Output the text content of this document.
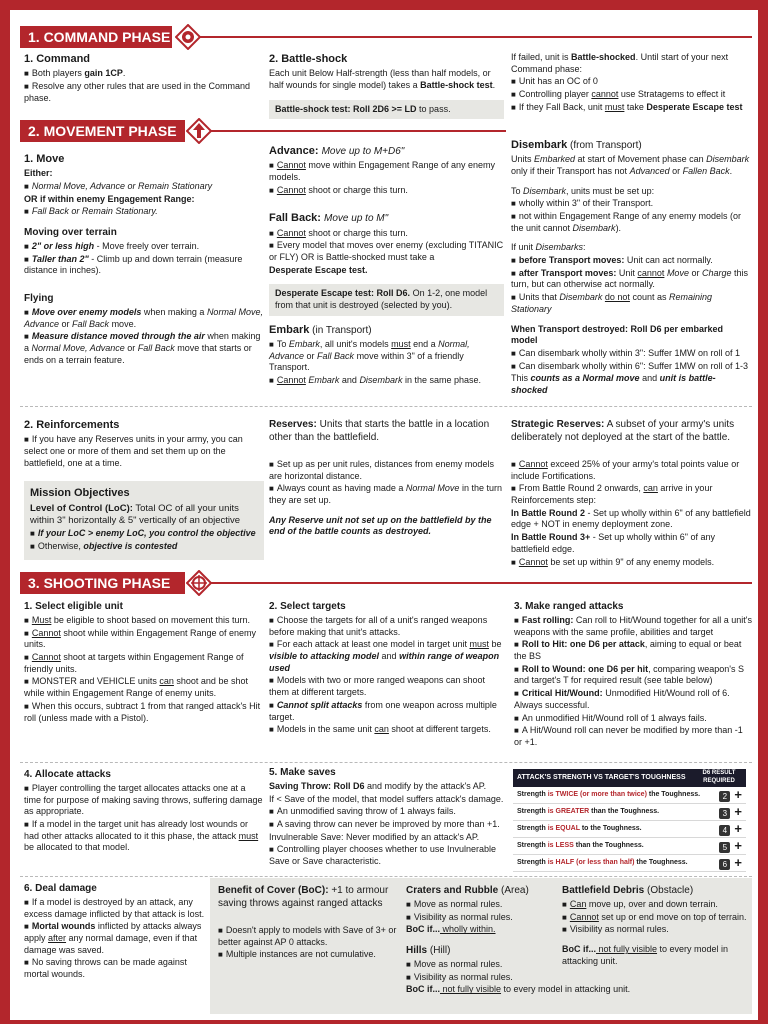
1. COMMAND PHASE
1. Command

■ Both players gain 1CP.

■ Resolve any other rules that are used in the Command phase.

2. Battle-shock

Each unit Below Half-strength (less than half models, or half wounds for single model) takes a Battle-shock test.

Battle-shock test: Roll 2D6 >= LD to pass.

If failed, unit is Battle-shocked. Until start of your next Command phase:

■ Unit has an OC of 0

■ Controlling player cannot use Stratagems to effect it

■ If they Fall Back, unit must take Desperate Escape test

2. MOVEMENT PHASE
1. Move

Either:

■ Normal Move, Advance or Remain Stationary

OR if within enemy Engagement Range:

■ Fall Back or Remain Stationary.

Moving over terrain

■ 2" or less high - Move freely over terrain.

■ Taller than 2" - Climb up and down terrain (measure distance in inches).

Flying

■ Move over enemy models when making a Normal Move, Advance or Fall Back move.

■ Measure distance moved through the air when making a Normal Move, Advance or Fall Back move that starts or ends on a terrain feature.

Advance: Move up to M+D6"

■ Cannot move within Engagement Range of any enemy models.

■ Cannot shoot or charge this turn.

Fall Back: Move up to M"

■ Cannot shoot or charge this turn.

■ Every model that moves over enemy (excluding TITANIC or FLY) OR is Battle-shocked must take a

Desperate Escape test.

Desperate Escape test: Roll D6. On 1-2, one model from that unit is destroyed (selected by you).
Embark (in Transport)

■ To Embark, all unit's models must end a Normal, Advance or Fall Back move within 3" of a friendly Transport.

■ Cannot Embark and Disembark in the same phase.

Disembark (from Transport)

Units Embarked at start of Movement phase can Disembark only if their Transport has not Advanced or Fallen Back.

To Disembark, units must be set up:

■ wholly within 3" of their Transport.

■ not within Engagement Range of any enemy models (or the unit cannot Disembark).

If unit Disembarks:

■ before Transport moves: Unit can act normally.

■ after Transport moves: Unit cannot Move or Charge this turn, but can otherwise act normally.

■ Units that Disembark do not count as Remaining Stationary

When Transport destroyed: Roll D6 per embarked model

■ Can disembark wholly within 3": Suffer 1MW on roll of 1

■ Can disembark wholly within 6": Suffer 1MW on roll of 1-3

This counts as a Normal move and unit is battle-shocked

2. Reinforcements

■ If you have any Reserves units in your army, you can select one or more of them and set them up on the battlefield, one at a time.

Mission Objectives

Level of Control (LoC): Total OC of all your units within 3" horizontally & 5" vertically of an objective

■ If your LoC > enemy LoC, you control the objective

■ Otherwise, objective is contested

Reserves: Units that starts the battle in a location other than the battlefield.

■ Set up as per unit rules, distances from enemy models are horizontal distance.

■ Always count as having made a Normal Move in the turn they are set up.

Any Reserve unit not set up on the battlefield by the end of the battle counts as destroyed.

Strategic Reserves: A subset of your army's units deliberately not deployed at the start of the battle.

■ Cannot exceed 25% of your army's total points value or include Fortifications.

■ From Battle Round 2 onwards, can arrive in your Reinforcements step:

In Battle Round 2 - Set up wholly within 6" of any battlefield edge + NOT in enemy deployment zone.

In Battle Round 3+ - Set up wholly within 6" of any battlefield edge.

■ Cannot be set up within 9" of any enemy models.

3. SHOOTING PHASE
1. Select eligible unit

■ Must be eligible to shoot based on movement this turn.

■ Cannot shoot while within Engagement Range of enemy units.

■ Cannot shoot at targets within Engagement Range of friendly units.

■ MONSTER and VEHICLE units can shoot and be shot while within Engagement Range of enemy units.

■ When this occurs, subtract 1 from that ranged attack's Hit roll (unless made with a Pistol).

2. Select targets

■ Choose the targets for all of a unit's ranged weapons before making that unit's attacks.

■ For each attack at least one model in target unit must be visible to attacking model and within range of weapon used

■ Models with two or more ranged weapons can shoot them at different targets.

■ Cannot split attacks from one weapon across multiple target.

■ Models in the same unit can shoot at different targets.

3. Make ranged attacks

■ Fast rolling: Can roll to Hit/Wound together for all a unit's weapons with the same profile, abilities and target

■ Roll to Hit: one D6 per attack, aiming to equal or beat the BS

■ Roll to Wound: one D6 per hit, comparing weapon's S and target's T for required result (see table below)

■ Critical Hit/Wound: Unmodified Hit/Wound roll of 6. Always successful.

■ An unmodified Hit/Wound roll of 1 always fails.

■ A Hit/Wound roll can never be modified by more than -1 or +1.

4. Allocate attacks

■ Player controlling the target allocates attacks one at a time for purpose of making saving throws, suffering damage as appropriate.

■ If a model in the target unit has already lost wounds or had other attacks allocated to it this phase, the attack must be allocated to that model.

5. Make saves

Saving Throw: Roll D6 and modify by the attack's AP.

If < Save of the model, that model suffers attack's damage.

■ An unmodified saving throw of 1 always fails.

■ A saving throw can never be improved by more than +1.

Invulnerable Save: Never modified by an attack's AP.

■ Controlling player chooses whether to use Invulnerable Save or Save characteristic.

ATTACK'S STRENGTH VS TARGET'S TOUGHNESS
D6 RESULT REQUIRED
Strength is TWICE (or more than twice) the Toughness.	2 +
Strength is GREATER than the Toughness.	3 +
Strength is EQUAL to the Toughness.	4 +
Strength is LESS than the Toughness.	5 +
Strength is HALF (or less than half) the Toughness.	6 +
6. Deal damage

■ If a model is destroyed by an attack, any excess damage inflicted by that attack is lost.

■ Mortal wounds inflicted by attacks always apply after any normal damage, even if that damage was saved.

■ No saving throws can be made against mortal wounds.

Benefit of Cover (BoC): +1 to armour saving throws against ranged attacks

■ Doesn't apply to models with Save of 3+ or better against AP 0 attacks.

■ Multiple instances are not cumulative.

Craters and Rubble (Area)

■ Move as normal rules.

■ Visibility as normal rules.

BoC if... wholly within.

Hills (Hill)

■ Move as normal rules.

■ Visibility as normal rules.

BoC if... not fully visible to every model in attacking unit.

Battlefield Debris (Obstacle)

■ Can move up, over and down terrain.

■ Cannot set up or end move on top of terrain.

■ Visibility as normal rules.

BoC if... not fully visible to every model in attacking unit.
